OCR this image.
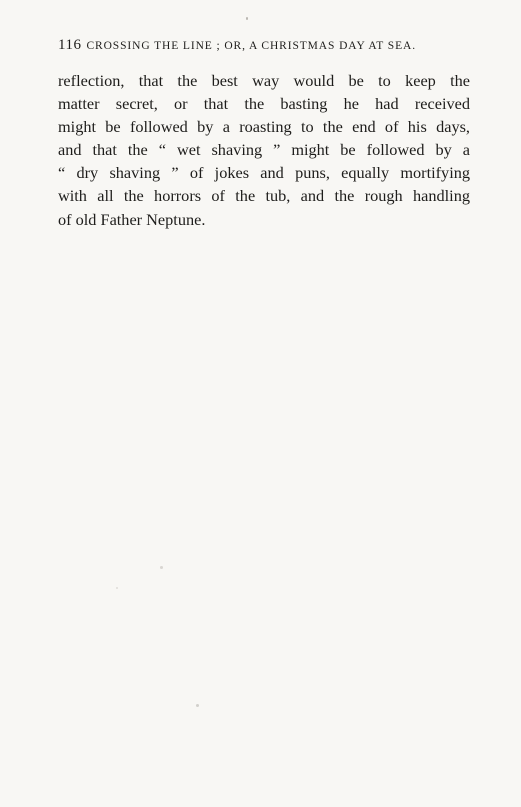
116 CROSSING THE LINE ; OR, A CHRISTMAS DAY AT SEA.
reflection, that the best way would be to keep the
matter secret, or that the basting he had received
might be followed by a roasting to the end of his days,
and that the “ wet shaving ” might be followed by a
“ dry shaving ” of jokes and puns, equally mortifying
with all the horrors of the tub, and the rough handling
of old Father Neptune.
